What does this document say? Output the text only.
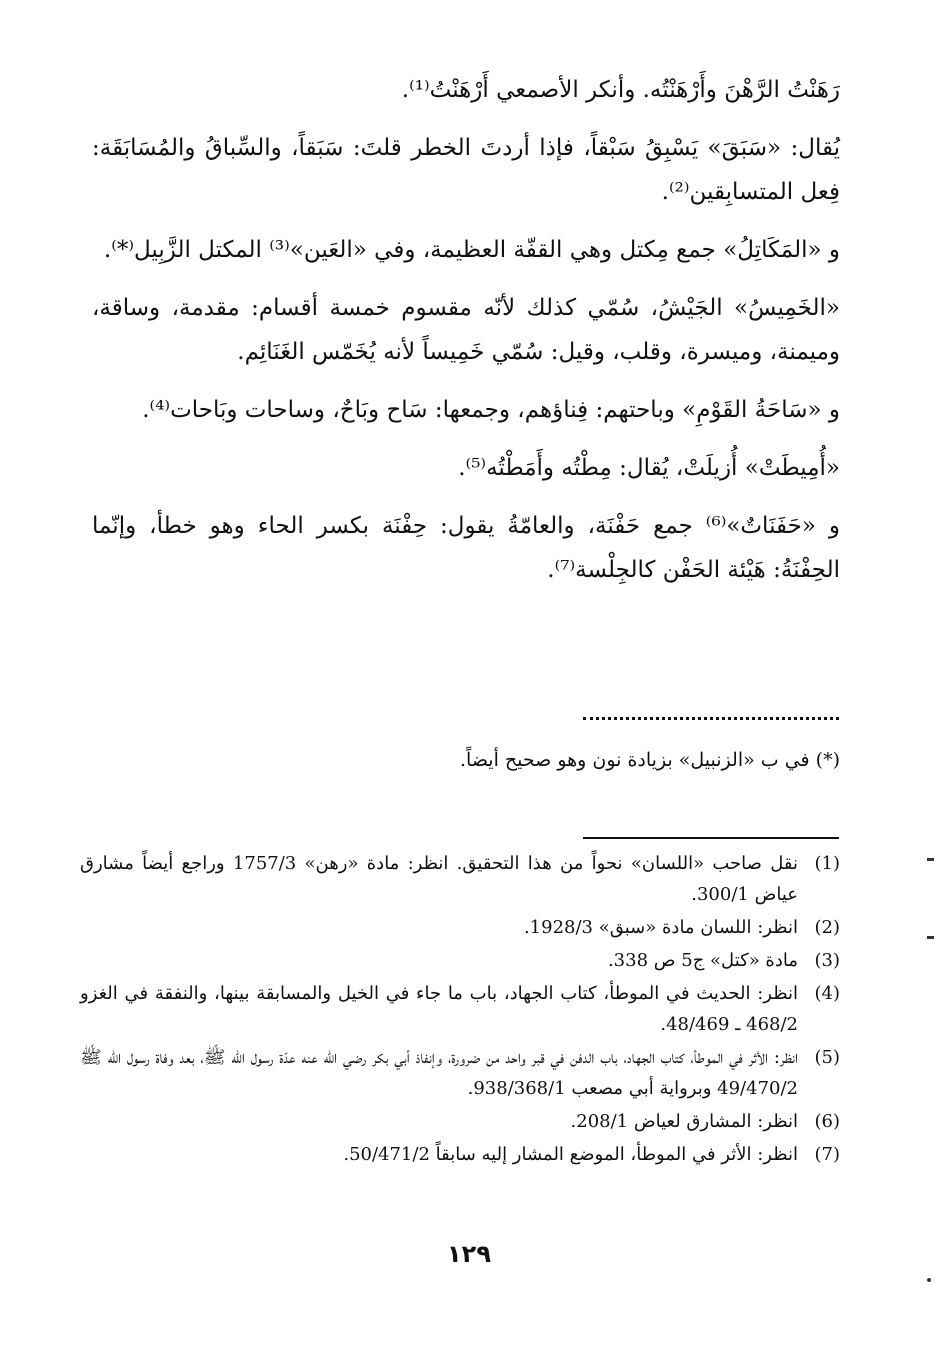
رَهَنْتُ الرَّهْنَ وأَرْهَنْتُه. وأنكر الأصمعي أَرْهَنْتُ⁽¹⁾.

يُقال: «سَبَقَ» يَسْبِقُ سَبْقاً، فإذا أردتَ الخطر قلتَ: سَبَقاً، والسِّباقُ والمُسَابَقَة: فِعل المتسابِقين⁽²⁾.

و «المَكَاتِلُ» جمع مِكتل وهي القفّة العظيمة، وفي «العَين»⁽³⁾ المكتل الزَّبِيل⁽*⁾.

«الخَمِيسُ» الجَيْشُ، سُمّي كذلك لأنّه مقسوم خمسة أقسام: مقدمة، وساقة، وميمنة، وميسرة، وقلب، وقيل: سُمّي خَمِيساً لأنه يُخَمّس الغَنَائِم.

و «سَاحَةُ القَوْمِ» وباحتهم: فِناؤهم، وجمعها: سَاح وبَاحٌ، وساحات وبَاحات⁽⁴⁾.

«أُمِيطَتْ» أُزيلَتْ، يُقال: مِطْتُه وأَمَطْتُه⁽⁵⁾.

و «حَفَنَاتٌ»⁽⁶⁾ جمع حَفْنَة، والعامّةُ يقول: حِفْنَة بكسر الحاء وهو خطأ، وإنّما الحِفْنَةُ: هَيْئة الحَفْن كالجِلْسة⁽⁷⁾.

(*) في ب «الزنبيل» بزيادة نون وهو صحيح أيضاً.
(1)
نقل صاحب «اللسان» نحواً من هذا التحقيق. انظر: مادة «رهن» 1757/3 وراجع أيضاً مشارق عياض 300/1.
(2)
انظر: اللسان مادة «سبق» 1928/3.
(3)
مادة «كتل» ج5 ص 338.
(4)
انظر: الحديث في الموطأ، كتاب الجهاد، باب ما جاء في الخيل والمسابقة بينها، والنفقة في الغزو 468/2 ـ 48/469.
(5)
انظر: الأثر في الموطأ، كتاب الجهاد، باب الدفن في قبر واحد من ضرورة، وإنفاذ أبي بكر رضي الله عنه عدّة رسول الله ﷺ، بعد وفاة رسول الله ﷺ 49/470/2 وبرواية أبي مصعب 938/368/1.
(6)
انظر: المشارق لعياض 208/1.
(7)
انظر: الأثر في الموطأ، الموضع المشار إليه سابقاً 50/471/2.
١٢٩
